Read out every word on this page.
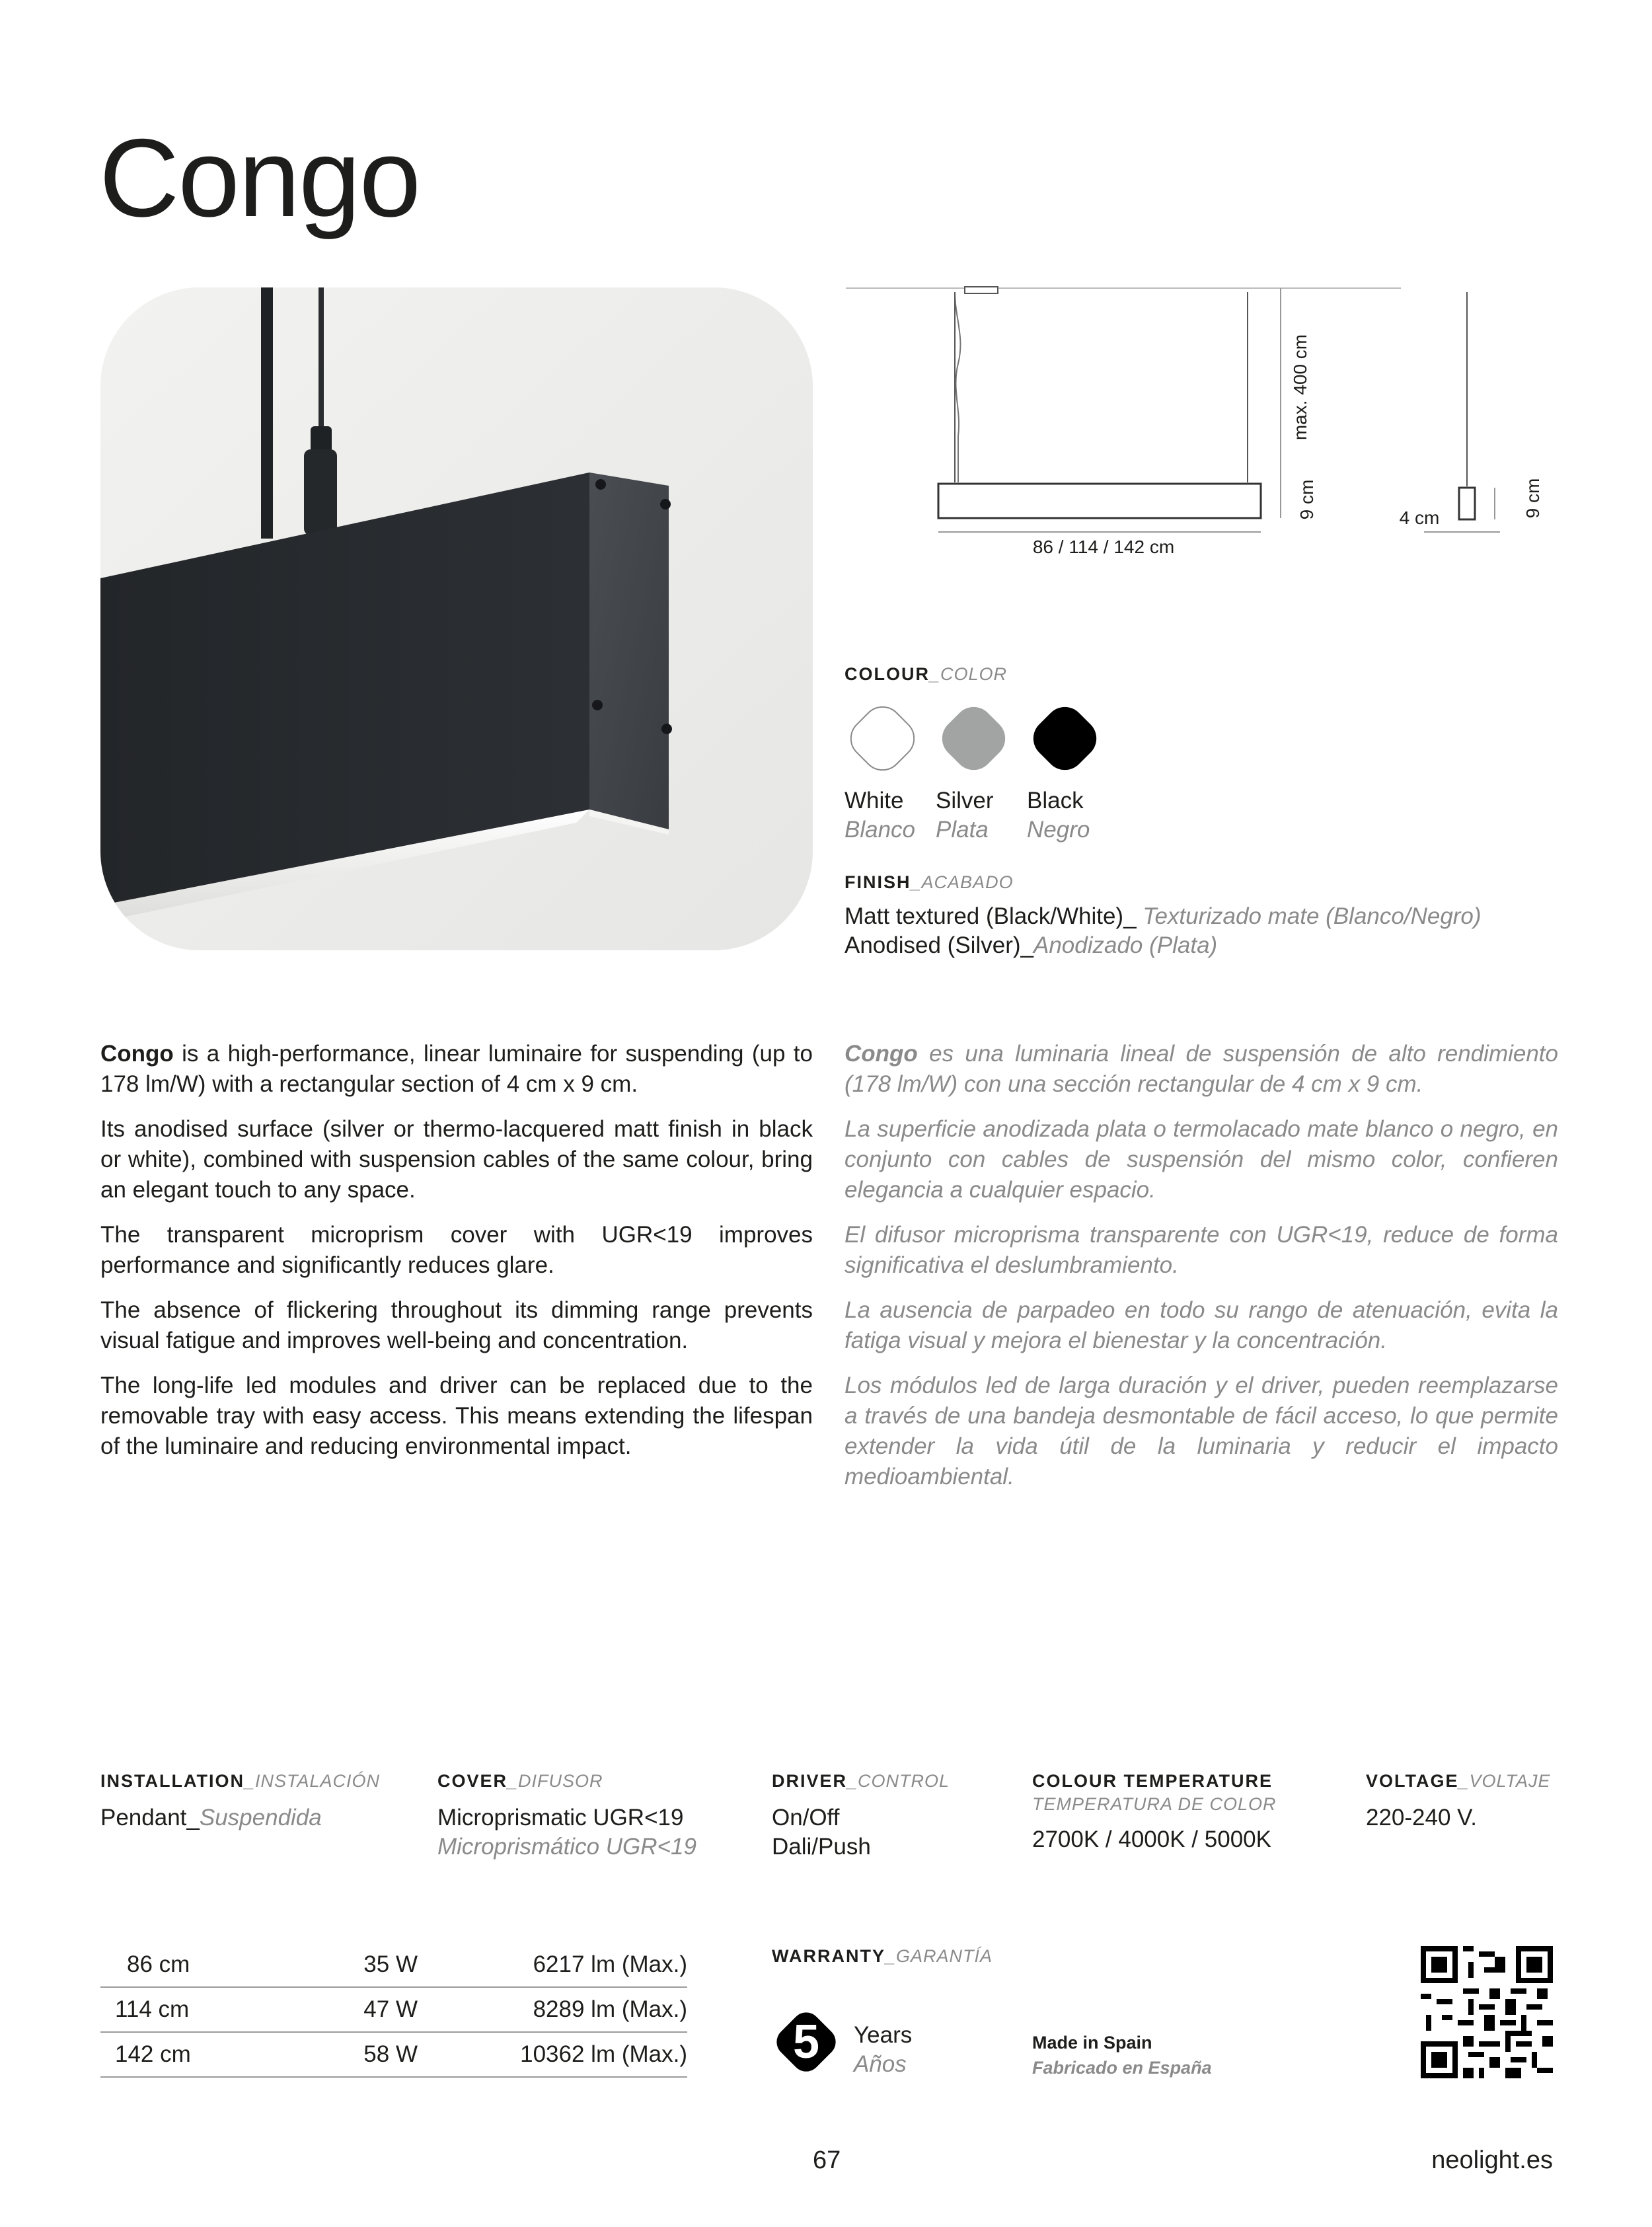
Congo
max. 400 cm
9 cm
86 / 114 / 142 cm
4 cm	9 cm
COLOUR_COLOR
White
Blanco
Silver
Plata
Black
Negro
FINISH_ACABADO
Matt textured (Black/White)_ Texturizado mate (Blanco/Negro)
Anodised (Silver)_Anodizado (Plata)

Congo is a high-performance, linear luminaire for suspending (up to 178 lm/W) with a rectangular section of 4 cm x 9 cm.

Its anodised surface (silver or thermo-lacquered matt finish in black or white), combined with suspension cables of the same colour, bring an elegant touch to any space.

The transparent microprism cover with UGR<19 improves performance and significantly reduces glare.

The absence of flickering throughout its dimming range prevents visual fatigue and improves well-being and concentration.

The long-life led modules and driver can be replaced due to the removable tray with easy access. This means extending the lifespan of the luminaire and reducing environmental impact.

Congo es una luminaria lineal de suspensión de alto rendimiento (178 lm/W) con una sección rectangular de 4 cm x 9 cm.

La superficie anodizada plata o termolacado mate blanco o negro, en conjunto con cables de suspensión del mismo color, confieren elegancia a cualquier espacio.

El difusor microprisma transparente con UGR<19, reduce de forma significativa el deslumbramiento.

La ausencia de parpadeo en todo su rango de atenuación, evita la fatiga visual y mejora el bienestar y la concentración.

Los módulos led de larga duración y el driver, pueden reemplazarse a través de una bandeja desmontable de fácil acceso, lo que permite extender la vida útil de la luminaria y reducir el impacto medioambiental.

INSTALLATION_INSTALACIÓN
Pendant_Suspendida
COVER_DIFUSOR
Microprismatic UGR<19
Microprismático UGR<19
DRIVER_CONTROL
On/Off
Dali/Push
COLOUR TEMPERATURE
TEMPERATURA DE COLOR
2700K / 4000K / 5000K
VOLTAGE_VOLTAJE
220-240 V.
86 cm	35 W	6217 lm (Max.)
114 cm	47 W	8289 lm (Max.)
142 cm	58 W	10362 lm (Max.)
WARRANTY_GARANTÍA
5	Years
Años
Made in Spain
Fabricado en España
67	neolight.es
